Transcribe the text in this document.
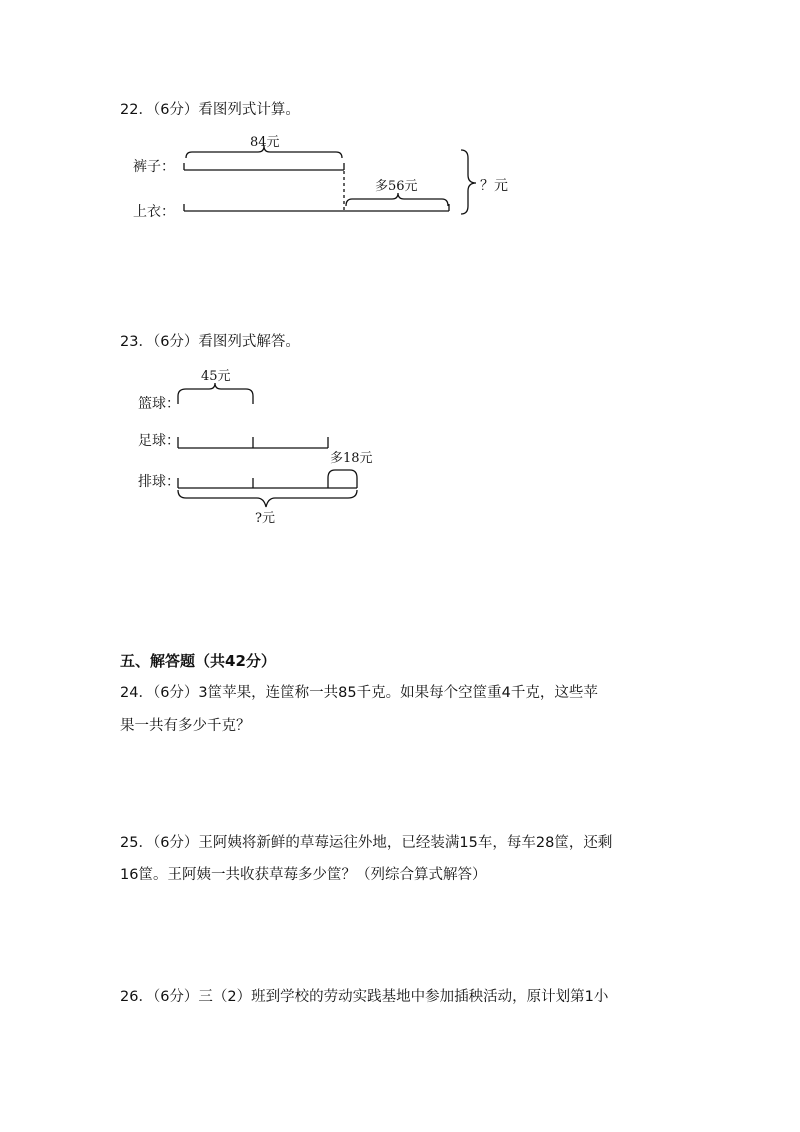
22．（6分）看图列式计算。
裤子：
上衣：
84元
多56元	？元
篮球：
足球：
排球：
45元
多18元
?元
23．（6分）看图列式解答。
五、解答题（共42分）
24．（6分）3筐苹果，连筐称一共85千克。如果每个空筐重4千克，这些苹
果一共有多少千克？
25．（6分）王阿姨将新鲜的草莓运往外地，已经装满15车，每车28筐，还剩
16筐。王阿姨一共收获草莓多少筐？（列综合算式解答）
26．（6分）三（2）班到学校的劳动实践基地中参加插秧活动，原计划第1小
